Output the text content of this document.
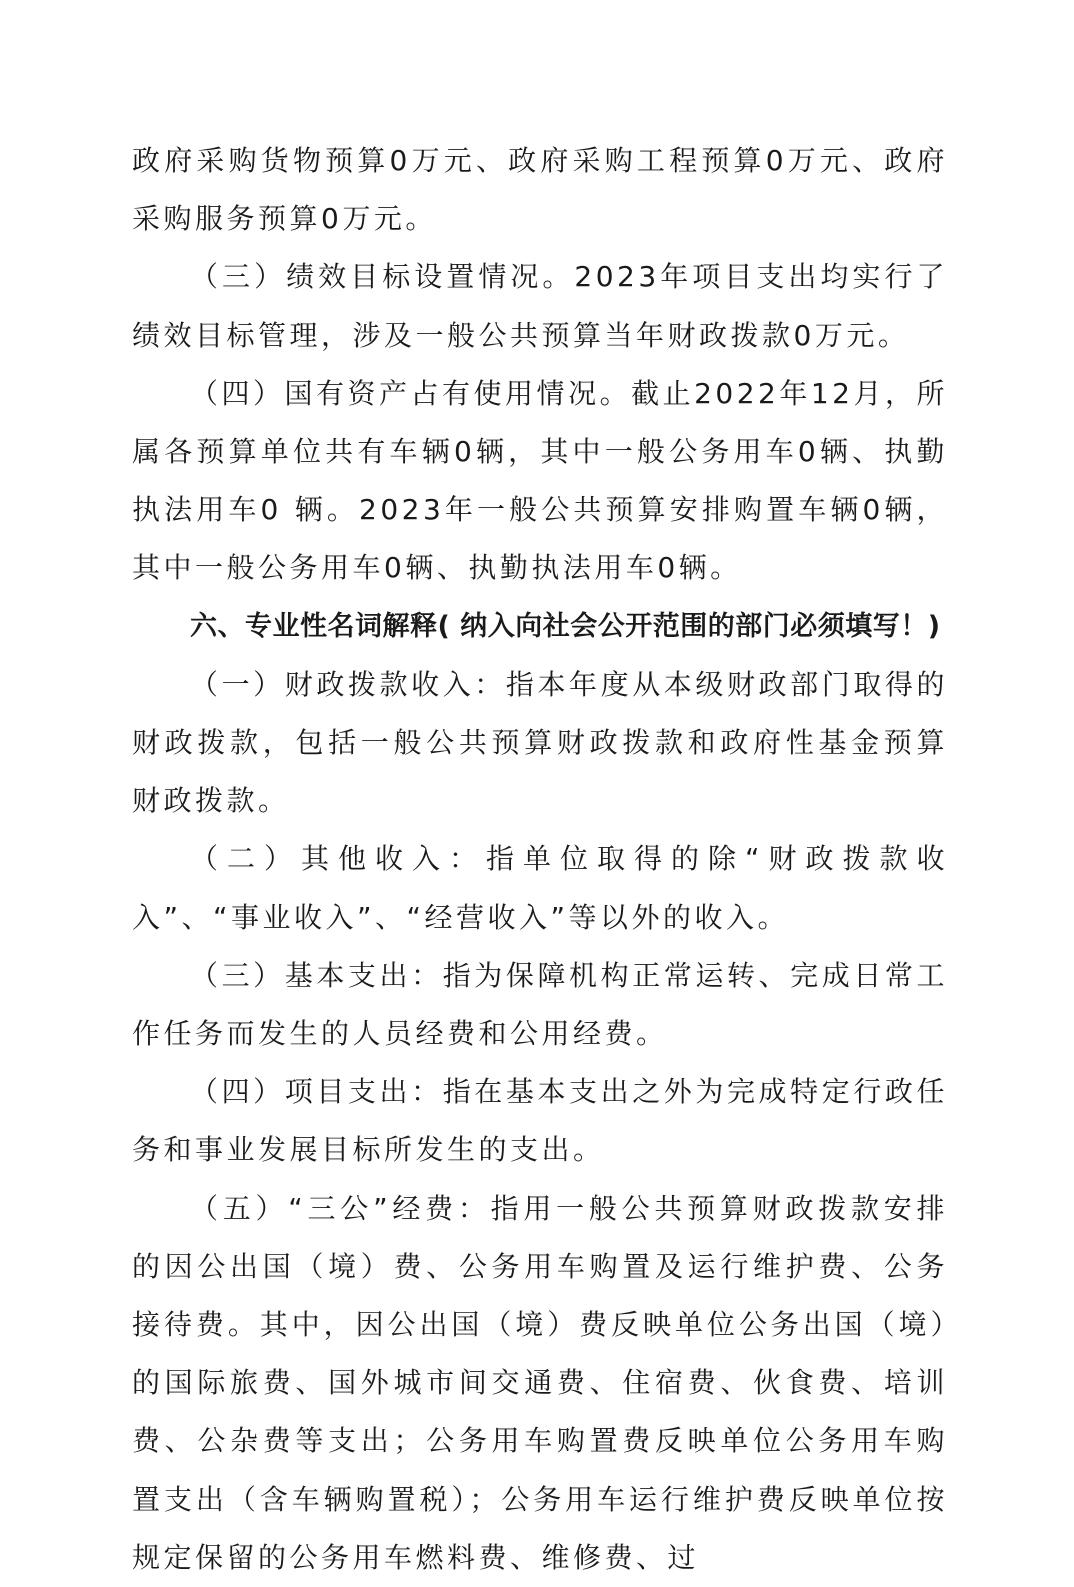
政府采购货物预算0万元、政府采购工程预算0万元、政府采购服务预算0万元。

（三）绩效目标设置情况。2023年项目支出均实行了绩效目标管理，涉及一般公共预算当年财政拨款0万元。

（四）国有资产占有使用情况。截止2022年12月，所属各预算单位共有车辆0辆，其中一般公务用车0辆、执勤执法用车0 辆。2023年一般公共预算安排购置车辆0辆，其中一般公务用车0辆、执勤执法用车0辆。

六、专业性名词解释( 纳入向社会公开范围的部门必须填写！)

（一）财政拨款收入：指本年度从本级财政部门取得的财政拨款，包括一般公共预算财政拨款和政府性基金预算财政拨款。

（二）其他收入：指单位取得的除“财政拨款收入”、“事业收入”、“经营收入”等以外的收入。

（三）基本支出：指为保障机构正常运转、完成日常工作任务而发生的人员经费和公用经费。

（四）项目支出：指在基本支出之外为完成特定行政任务和事业发展目标所发生的支出。

（五）“三公”经费：指用一般公共预算财政拨款安排的因公出国（境）费、公务用车购置及运行维护费、公务接待费。其中，因公出国（境）费反映单位公务出国（境）的国际旅费、国外城市间交通费、住宿费、伙食费、培训费、公杂费等支出；公务用车购置费反映单位公务用车购置支出（含车辆购置税）；公务用车运行维护费反映单位按规定保留的公务用车燃料费、维修费、过
